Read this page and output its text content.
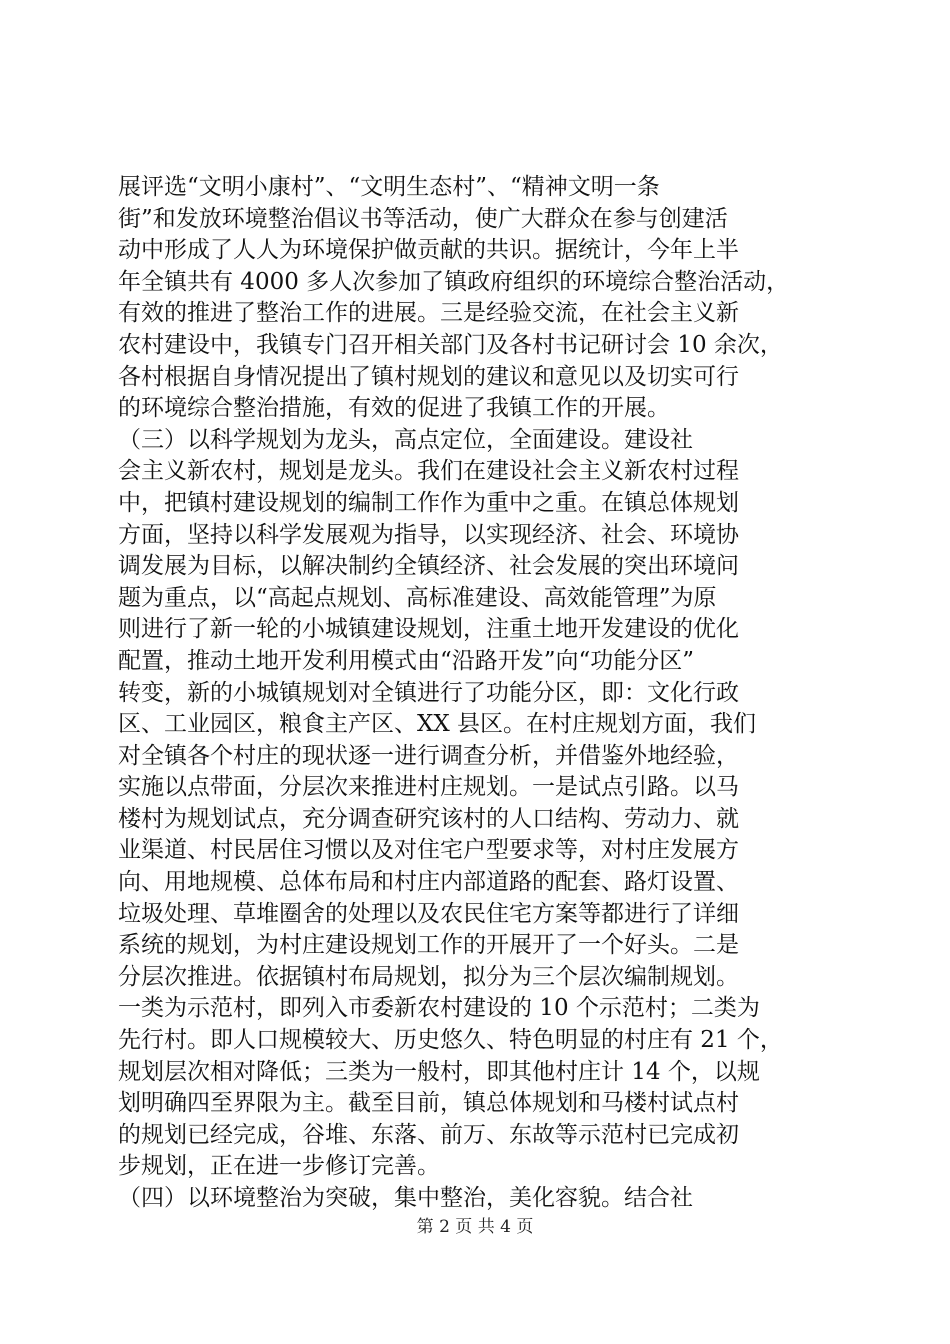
展评选“文明小康村”、“文明生态村”、“精神文明一条
街”和发放环境整治倡议书等活动，使广大群众在参与创建活
动中形成了人人为环境保护做贡献的共识。据统计，今年上半
年全镇共有 4000 多人次参加了镇政府组织的环境综合整治活动，
有效的推进了整治工作的进展。三是经验交流，在社会主义新
农村建设中，我镇专门召开相关部门及各村书记研讨会 10 余次，
各村根据自身情况提出了镇村规划的建议和意见以及切实可行
的环境综合整治措施，有效的促进了我镇工作的开展。
（三）以科学规划为龙头，高点定位，全面建设。建设社
会主义新农村，规划是龙头。我们在建设社会主义新农村过程
中，把镇村建设规划的编制工作作为重中之重。在镇总体规划
方面，坚持以科学发展观为指导，以实现经济、社会、环境协
调发展为目标，以解决制约全镇经济、社会发展的突出环境问
题为重点，以“高起点规划、高标准建设、高效能管理”为原
则进行了新一轮的小城镇建设规划，注重土地开发建设的优化
配置，推动土地开发利用模式由“沿路开发”向“功能分区”
转变，新的小城镇规划对全镇进行了功能分区，即：文化行政
区、工业园区，粮食主产区、XX 县区。在村庄规划方面，我们
对全镇各个村庄的现状逐一进行调查分析，并借鉴外地经验，
实施以点带面，分层次来推进村庄规划。一是试点引路。以马
楼村为规划试点，充分调查研究该村的人口结构、劳动力、就
业渠道、村民居住习惯以及对住宅户型要求等，对村庄发展方
向、用地规模、总体布局和村庄内部道路的配套、路灯设置、
垃圾处理、草堆圈舍的处理以及农民住宅方案等都进行了详细
系统的规划，为村庄建设规划工作的开展开了一个好头。二是
分层次推进。依据镇村布局规划，拟分为三个层次编制规划。
一类为示范村，即列入市委新农村建设的 10 个示范村；二类为
先行村。即人口规模较大、历史悠久、特色明显的村庄有 21 个，
规划层次相对降低；三类为一般村，即其他村庄计 14 个，以规
划明确四至界限为主。截至目前，镇总体规划和马楼村试点村
的规划已经完成，谷堆、东落、前万、东故等示范村已完成初
步规划，正在进一步修订完善。
（四）以环境整治为突破，集中整治，美化容貌。结合社
第 2 页 共 4 页
